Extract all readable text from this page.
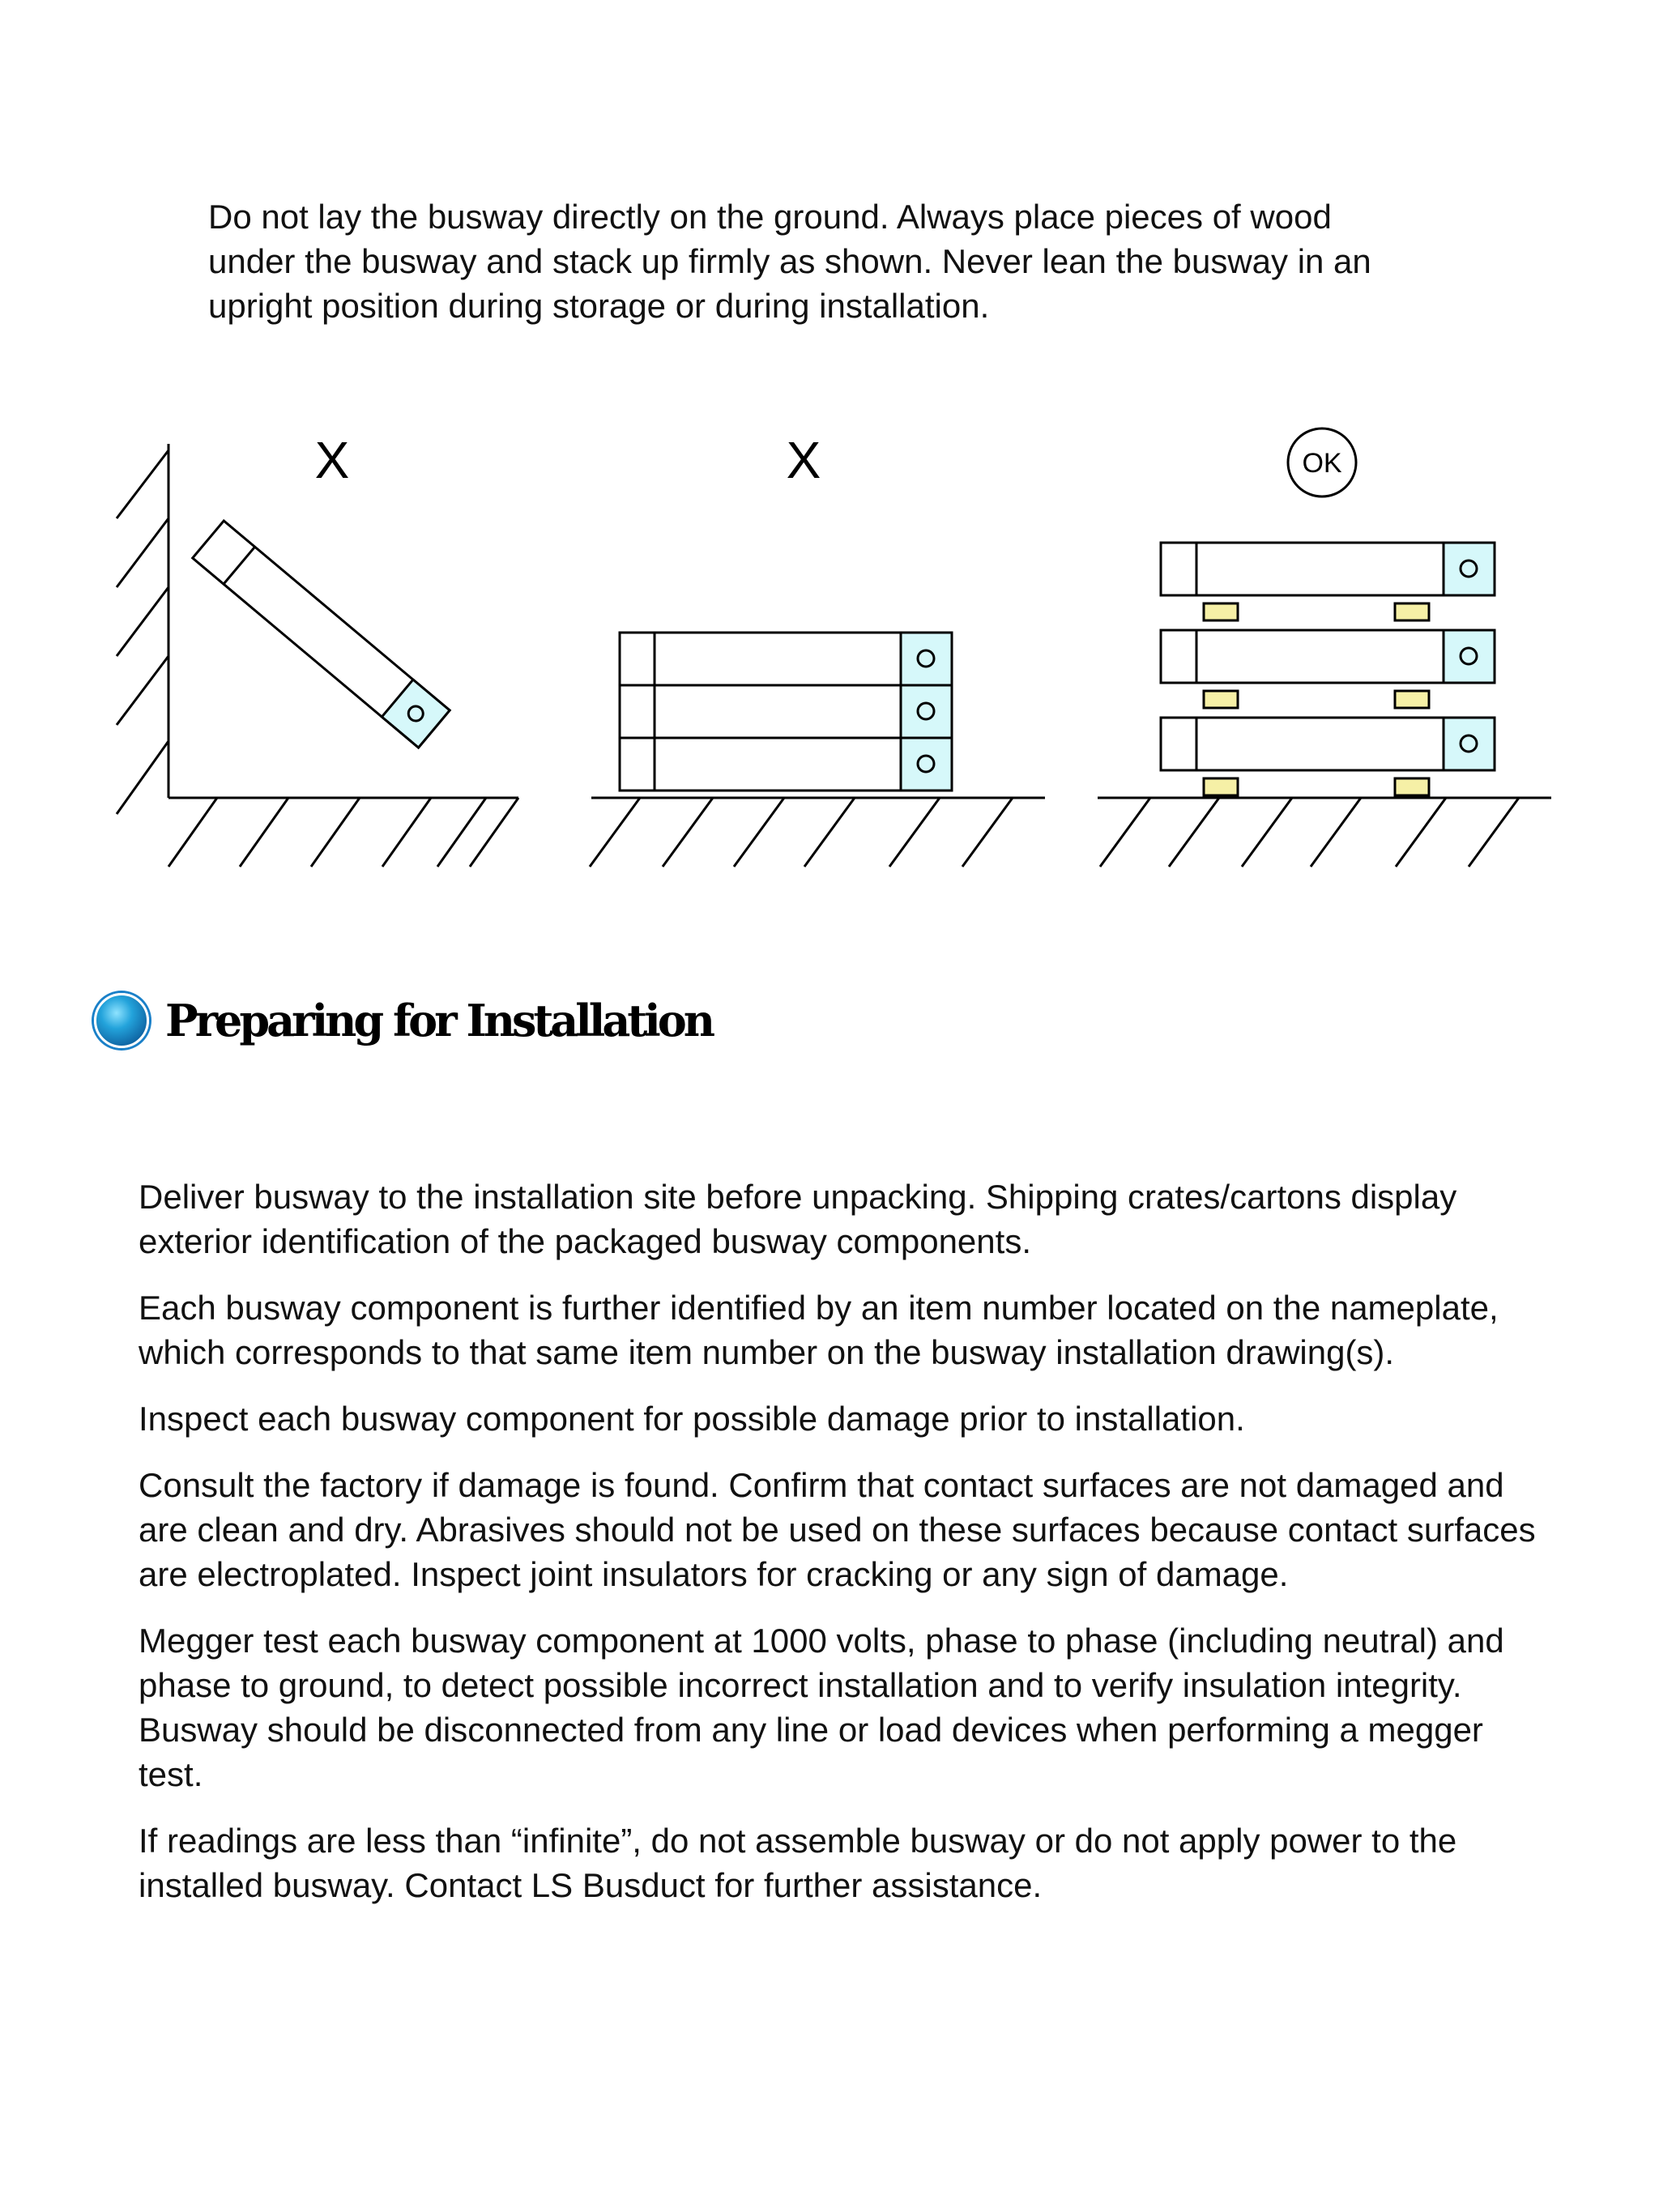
Do not lay the busway directly on the ground. Always place pieces of wood under the busway and stack up firmly as shown. Never lean the busway in an upright position during storage or during installation.

X	X	OK
Preparing for Installation

Deliver busway to the installation site before unpacking. Shipping crates/cartons display exterior identification of the packaged busway components.

Each busway component is further identified by an item number located on the nameplate, which corresponds to that same item number on the busway installation drawing(s).

Inspect each busway component for possible damage prior to installation.

Consult the factory if damage is found. Confirm that contact surfaces are not damaged and are clean and dry. Abrasives should not be used on these surfaces because contact surfaces are electroplated. Inspect joint insulators for cracking or any sign of damage.

Megger test each busway component at 1000 volts, phase to phase (including neutral) and phase to ground, to detect possible incorrect installation and to verify insulation integrity. Busway should be disconnected from any line or load devices when performing a megger test.

If readings are less than “infinite”, do not assemble busway or do not apply power to the installed busway. Contact LS Busduct for further assistance.
